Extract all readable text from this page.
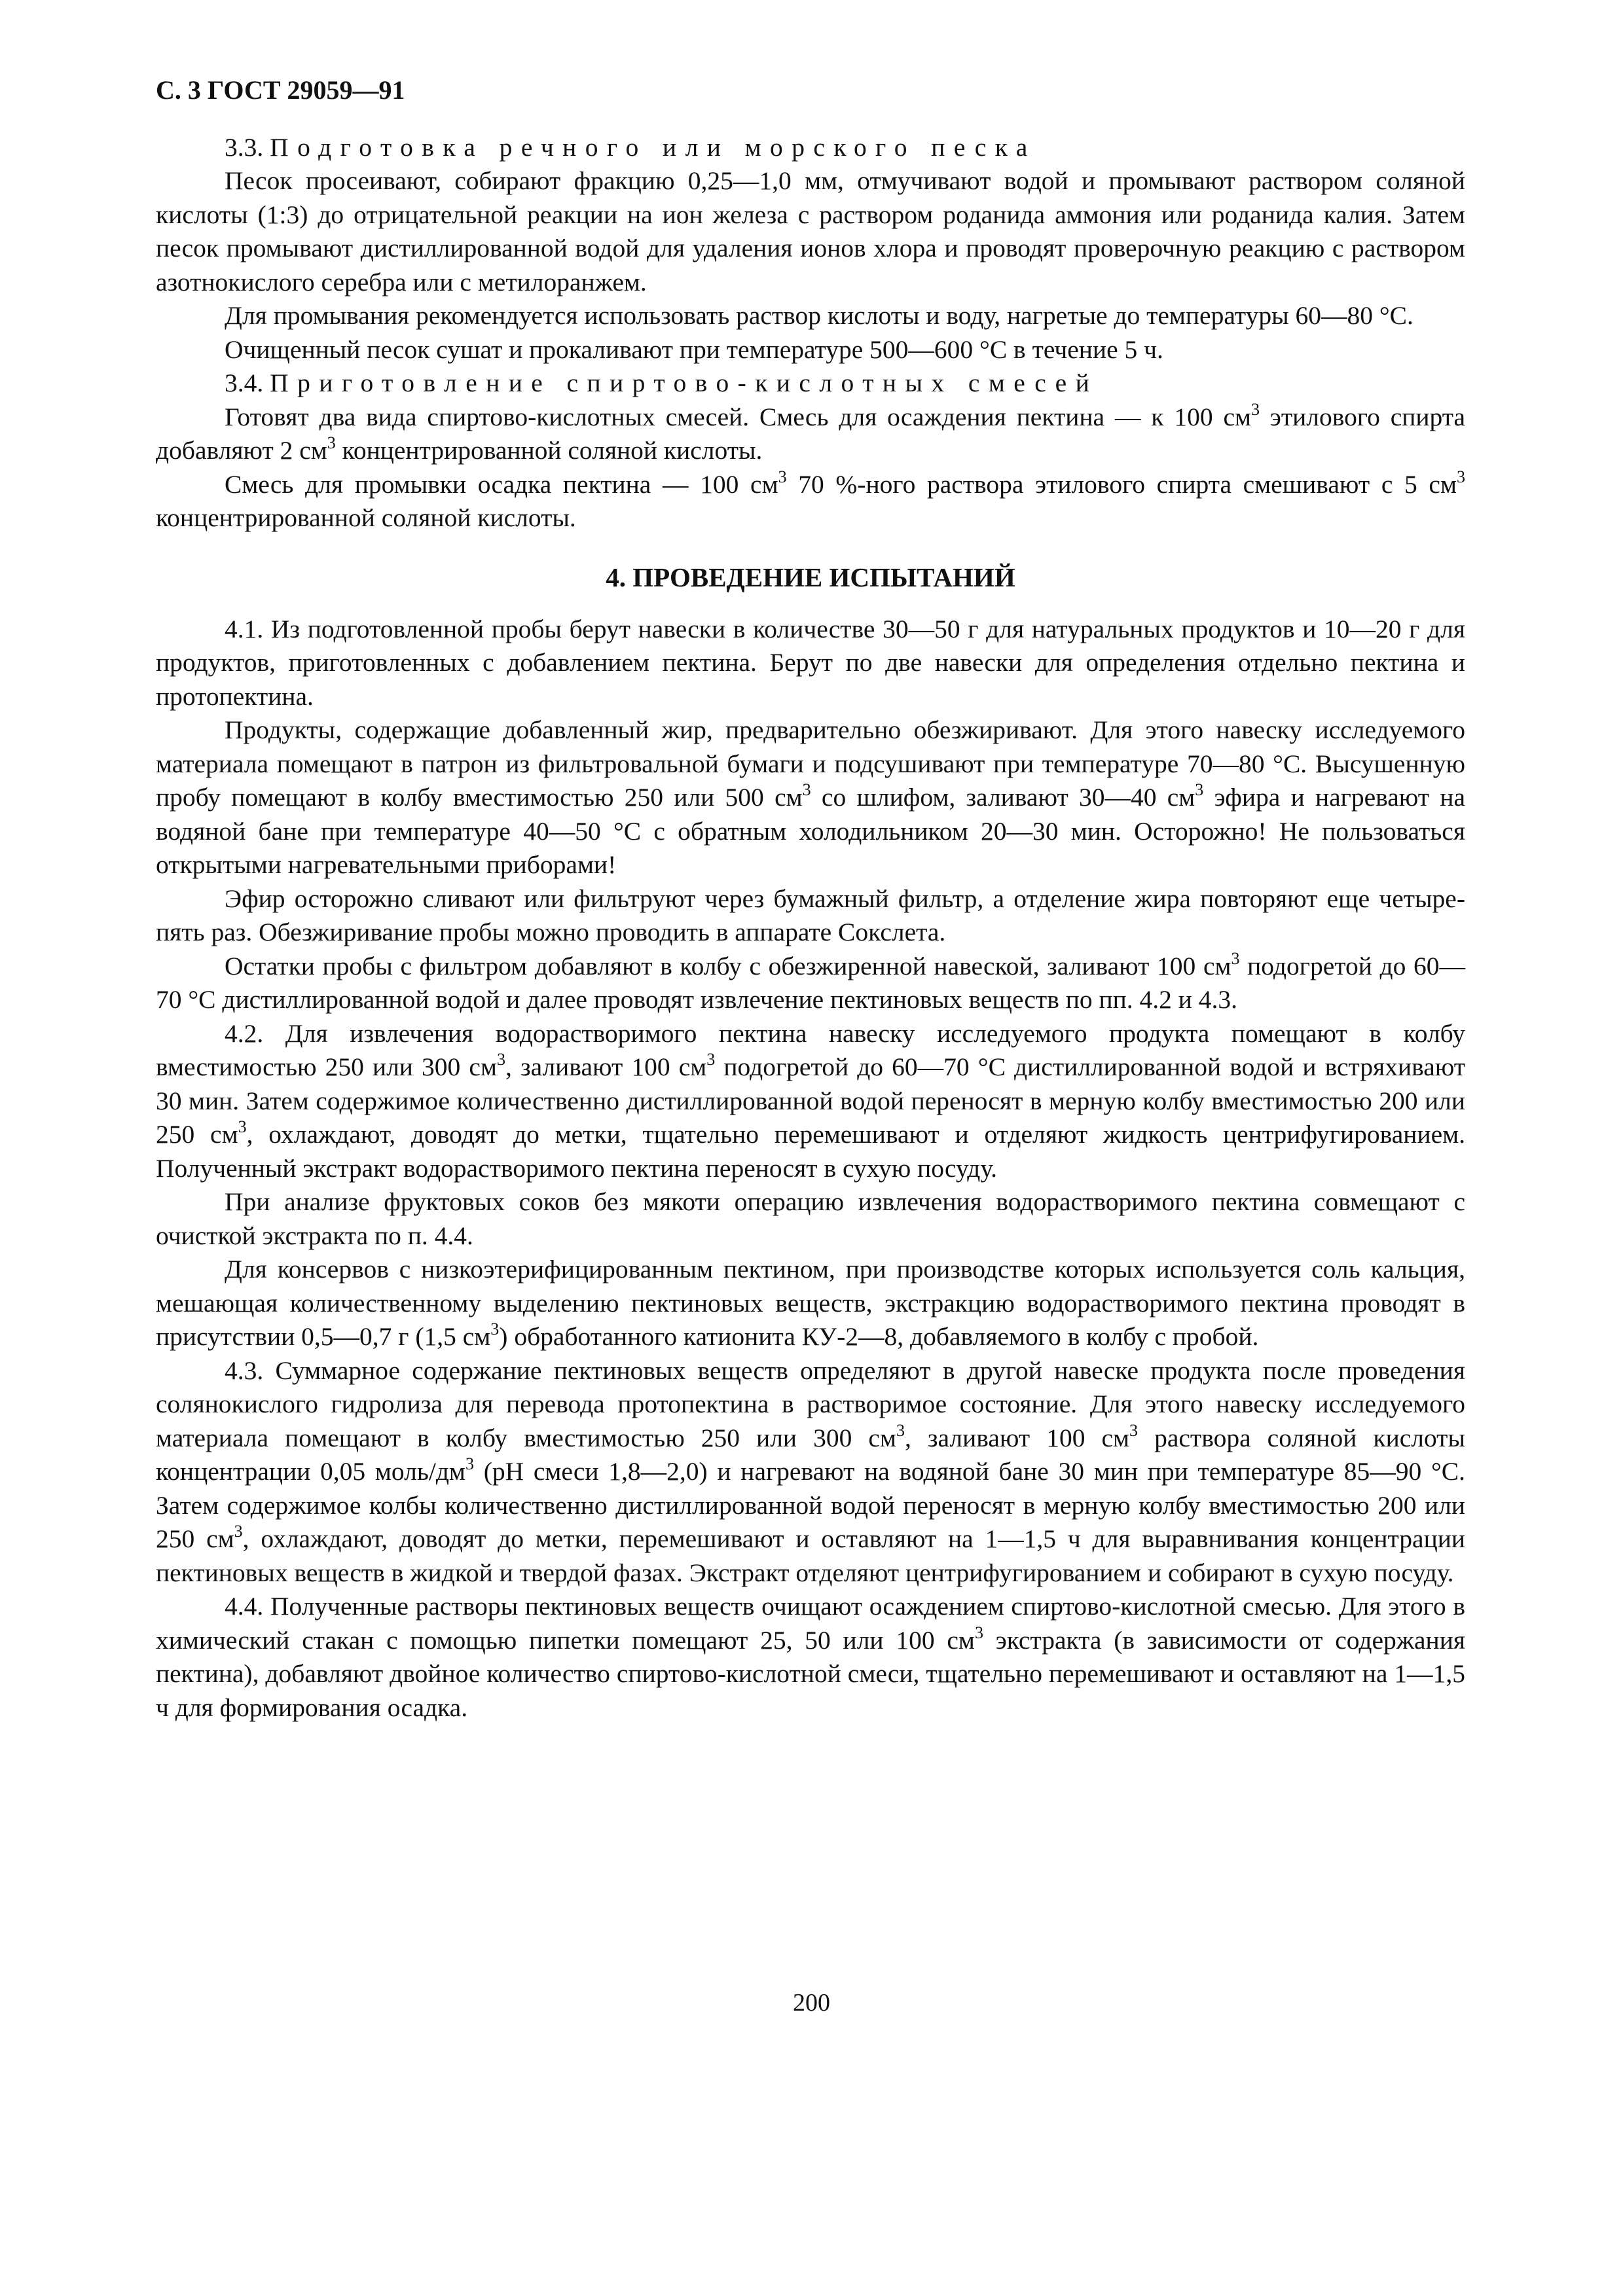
С. 3 ГОСТ 29059—91

3.3. Подготовка речного или морского песка

Песок просеивают, собирают фракцию 0,25—1,0 мм, отмучивают водой и промывают раствором соляной кислоты (1:3) до отрицательной реакции на ион железа с раствором роданида аммония или роданида калия. Затем песок промывают дистиллированной водой для удаления ионов хлора и проводят проверочную реакцию с раствором азотнокислого серебра или с метилоранжем.

Для промывания рекомендуется использовать раствор кислоты и воду, нагретые до температуры 60—80 °С.

Очищенный песок сушат и прокаливают при температуре 500—600 °С в течение 5 ч.

3.4. Приготовление спиртово-кислотных смесей

Готовят два вида спиртово-кислотных смесей. Смесь для осаждения пектина — к 100 $см^3$ этилового спирта добавляют 2 $см^3$ концентрированной соляной кислоты.

Смесь для промывки осадка пектина — 100 $см^3$ 70 %-ного раствора этилового спирта смешивают с 5 $см^3$ концентрированной соляной кислоты.

4. ПРОВЕДЕНИЕ ИСПЫТАНИЙ

4.1. Из подготовленной пробы берут навески в количестве 30—50 г для натуральных продуктов и 10—20 г для продуктов, приготовленных с добавлением пектина. Берут по две навески для определения отдельно пектина и протопектина.

Продукты, содержащие добавленный жир, предварительно обезжиривают. Для этого навеску исследуемого материала помещают в патрон из фильтровальной бумаги и подсушивают при температуре 70—80 °С. Высушенную пробу помещают в колбу вместимостью 250 или 500 $см^3$ со шлифом, заливают 30—40 $см^3$ эфира и нагревают на водяной бане при температуре 40—50 °С с обратным холодильником 20—30 мин. Осторожно! Не пользоваться открытыми нагревательными приборами!

Эфир осторожно сливают или фильтруют через бумажный фильтр, а отделение жира повторяют еще четыре-пять раз. Обезжиривание пробы можно проводить в аппарате Сокслета.

Остатки пробы с фильтром добавляют в колбу с обезжиренной навеской, заливают 100 $см^3$ подогретой до 60—70 °С дистиллированной водой и далее проводят извлечение пектиновых веществ по пп. 4.2 и 4.3.

4.2. Для извлечения водорастворимого пектина навеску исследуемого продукта помещают в колбу вместимостью 250 или 300 $см^3$, заливают 100 $см^3$ подогретой до 60—70 °С дистиллированной водой и встряхивают 30 мин. Затем содержимое количественно дистиллированной водой переносят в мерную колбу вместимостью 200 или 250 $см^3$, охлаждают, доводят до метки, тщательно перемешивают и отделяют жидкость центрифугированием. Полученный экстракт водорастворимого пектина переносят в сухую посуду.

При анализе фруктовых соков без мякоти операцию извлечения водорастворимого пектина совмещают с очисткой экстракта по п. 4.4.

Для консервов с низкоэтерифицированным пектином, при производстве которых используется соль кальция, мешающая количественному выделению пектиновых веществ, экстракцию водорастворимого пектина проводят в присутствии 0,5—0,7 г (1,5 $см^3$) обработанного катионита КУ-2—8, добавляемого в колбу с пробой.

4.3. Суммарное содержание пектиновых веществ определяют в другой навеске продукта после проведения солянокислого гидролиза для перевода протопектина в растворимое состояние. Для этого навеску исследуемого материала помещают в колбу вместимостью 250 или 300 $см^3$, заливают 100 $см^3$ раствора соляной кислоты концентрации 0,05 моль/$дм^3$ (рН смеси 1,8—2,0) и нагревают на водяной бане 30 мин при температуре 85—90 °С. Затем содержимое колбы количественно дистиллированной водой переносят в мерную колбу вместимостью 200 или 250 $см^3$, охлаждают, доводят до метки, перемешивают и оставляют на 1—1,5 ч для выравнивания концентрации пектиновых веществ в жидкой и твердой фазах. Экстракт отделяют центрифугированием и собирают в сухую посуду.

4.4. Полученные растворы пектиновых веществ очищают осаждением спиртово-кислотной смесью. Для этого в химический стакан с помощью пипетки помещают 25, 50 или 100 $см^3$ экстракта (в зависимости от содержания пектина), добавляют двойное количество спиртово-кислотной смеси, тщательно перемешивают и оставляют на 1—1,5 ч для формирования осадка.

200
